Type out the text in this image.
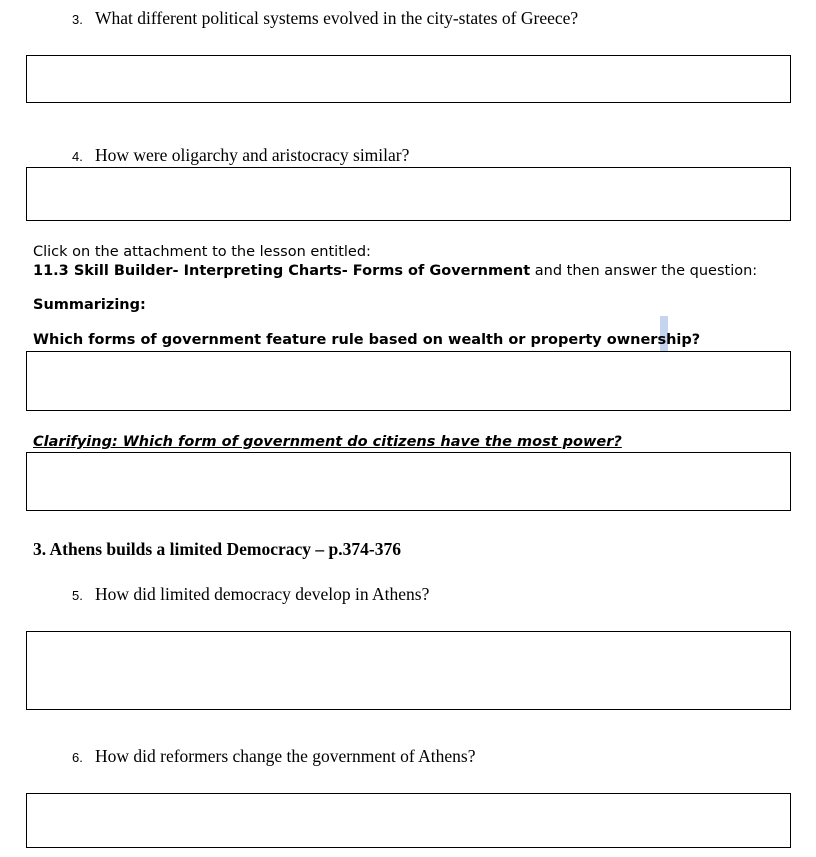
3. What different political systems evolved in the city-states of Greece?
4. How were oligarchy and aristocracy similar?
Click on the attachment to the lesson entitled:
11.3 Skill Builder- Interpreting Charts- Forms of Government and then answer the question:
Summarizing:
Which forms of government feature rule based on wealth or property ownership?
Clarifying: Which form of government do citizens have the most power?
3. Athens builds a limited Democracy – p.374-376
5. How did limited democracy develop in Athens?
6. How did reformers change the government of Athens?
